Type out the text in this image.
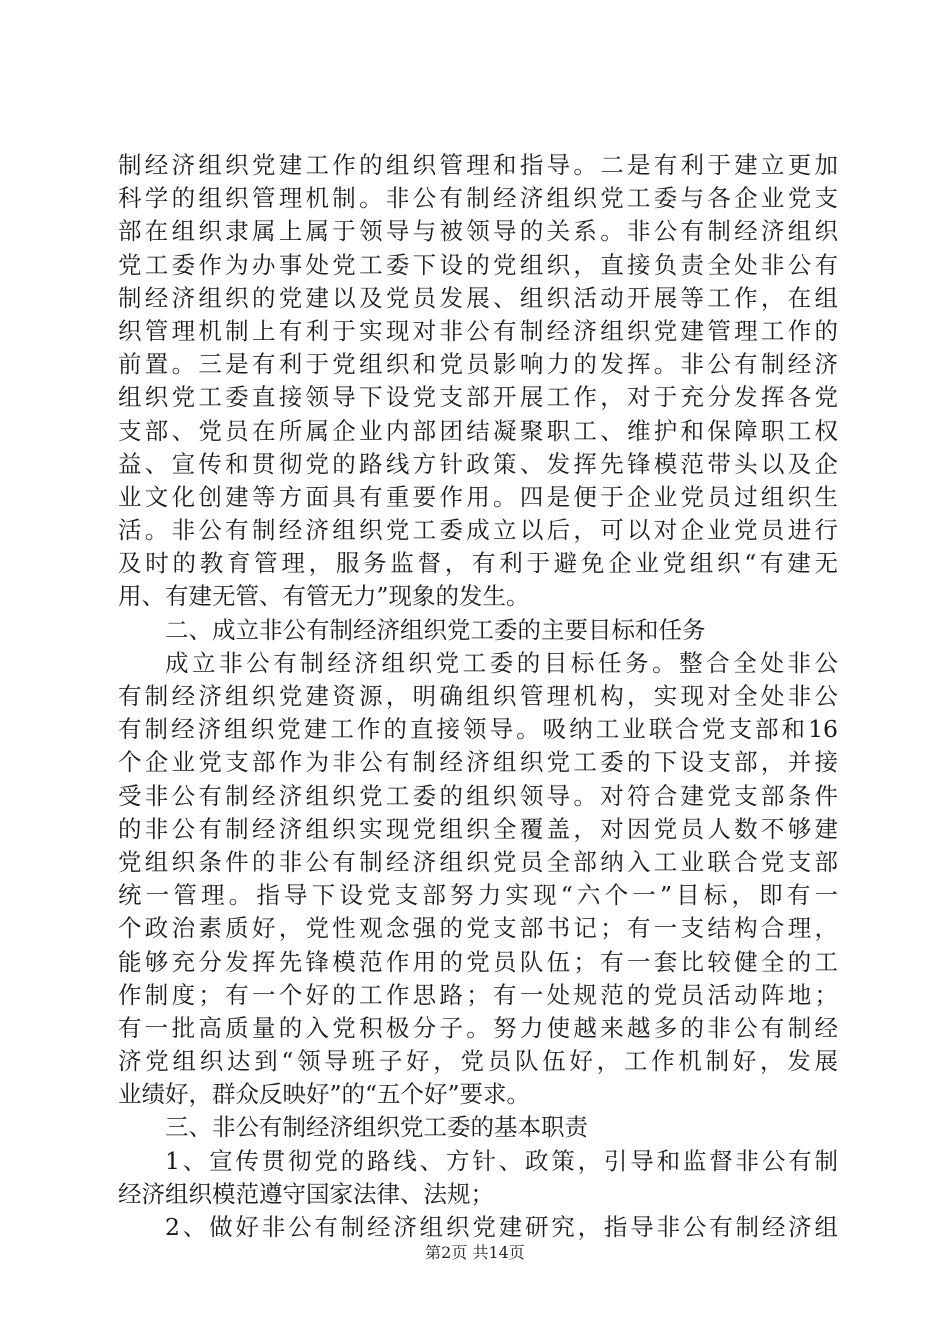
制经济组织党建工作的组织管理和指导。二是有利于建立更加
科学的组织管理机制。非公有制经济组织党工委与各企业党支
部在组织隶属上属于领导与被领导的关系。非公有制经济组织
党工委作为办事处党工委下设的党组织，直接负责全处非公有
制经济组织的党建以及党员发展、组织活动开展等工作，在组
织管理机制上有利于实现对非公有制经济组织党建管理工作的
前置。三是有利于党组织和党员影响力的发挥。非公有制经济
组织党工委直接领导下设党支部开展工作，对于充分发挥各党
支部、党员在所属企业内部团结凝聚职工、维护和保障职工权
益、宣传和贯彻党的路线方针政策、发挥先锋模范带头以及企
业文化创建等方面具有重要作用。四是便于企业党员过组织生
活。非公有制经济组织党工委成立以后，可以对企业党员进行
及时的教育管理，服务监督，有利于避免企业党组织“有建无
用、有建无管、有管无力”现象的发生。
二、成立非公有制经济组织党工委的主要目标和任务
成立非公有制经济组织党工委的目标任务。整合全处非公
有制经济组织党建资源，明确组织管理机构，实现对全处非公
有制经济组织党建工作的直接领导。吸纳工业联合党支部和16
个企业党支部作为非公有制经济组织党工委的下设支部，并接
受非公有制经济组织党工委的组织领导。对符合建党支部条件
的非公有制经济组织实现党组织全覆盖，对因党员人数不够建
党组织条件的非公有制经济组织党员全部纳入工业联合党支部
统一管理。指导下设党支部努力实现“六个一”目标，即有一
个政治素质好，党性观念强的党支部书记；有一支结构合理，
能够充分发挥先锋模范作用的党员队伍；有一套比较健全的工
作制度；有一个好的工作思路；有一处规范的党员活动阵地；
有一批高质量的入党积极分子。努力使越来越多的非公有制经
济党组织达到“领导班子好，党员队伍好，工作机制好，发展
业绩好，群众反映好”的“五个好”要求。
三、非公有制经济组织党工委的基本职责
1、宣传贯彻党的路线、方针、政策，引导和监督非公有制
经济组织模范遵守国家法律、法规；
2、做好非公有制经济组织党建研究，指导非公有制经济组
第2页 共14页
